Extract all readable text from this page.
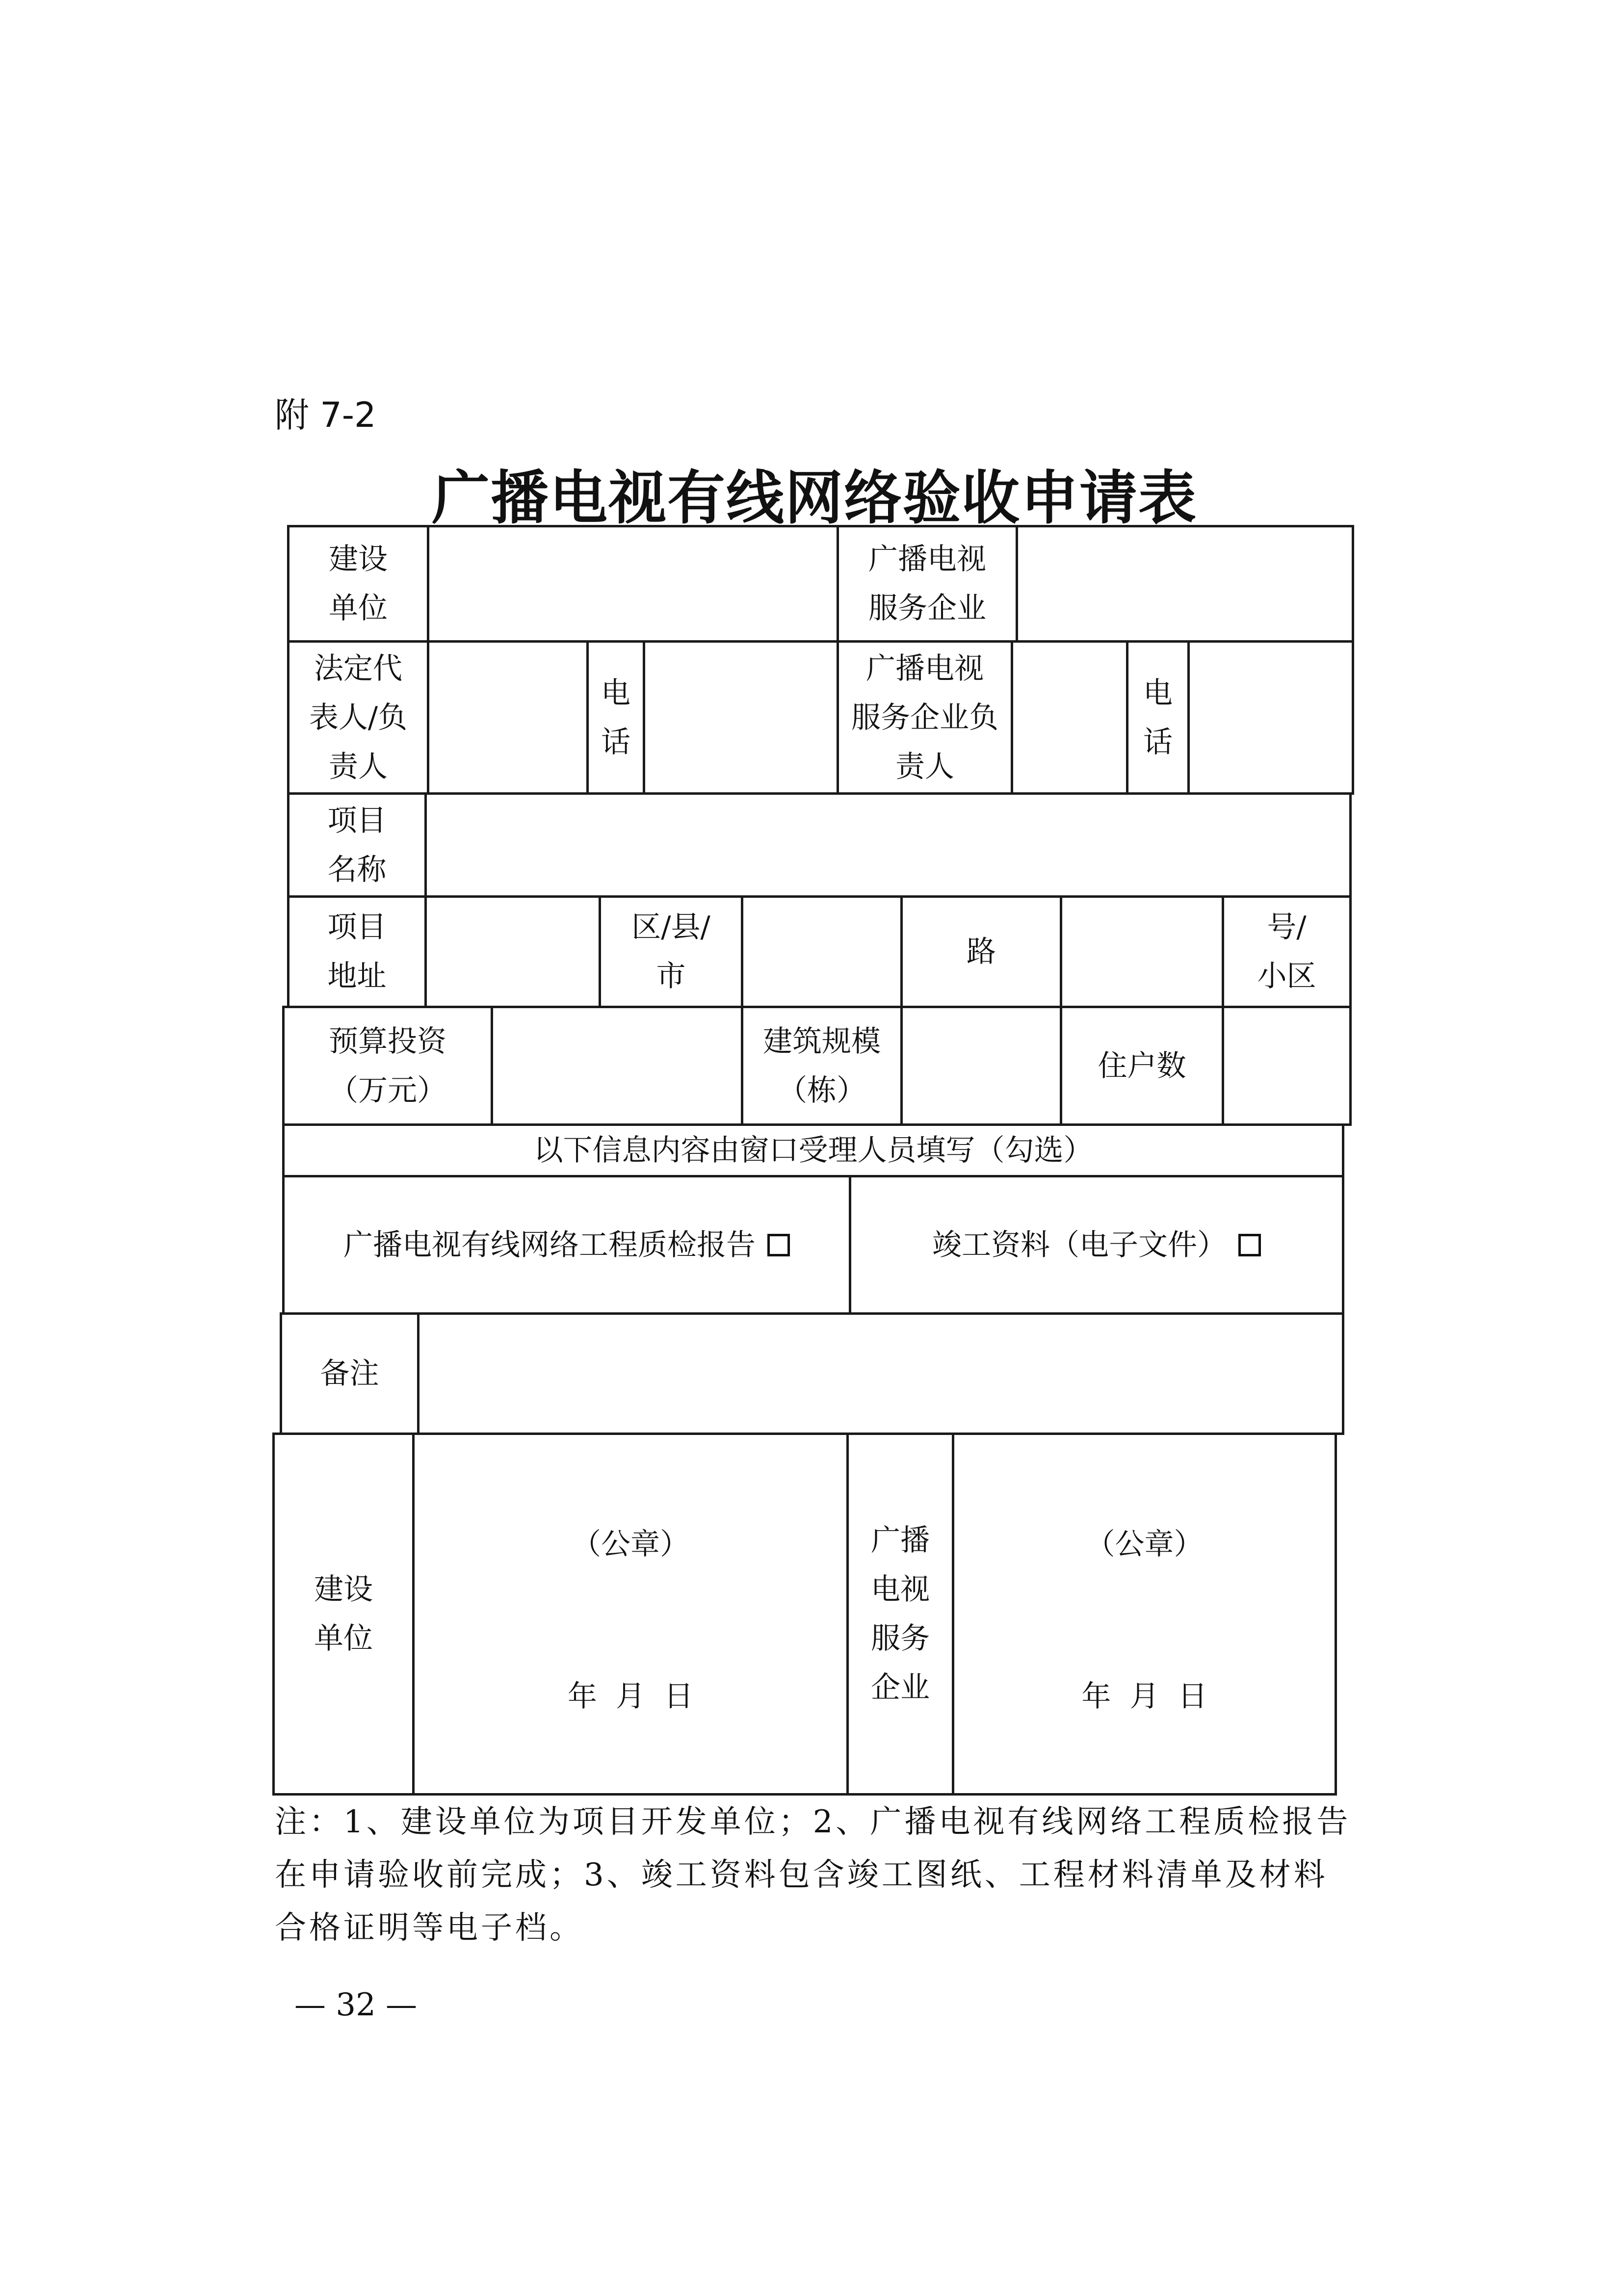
附 7-2
广播电视有线网络验收申请表
建设
单位
广播电视
服务企业
法定代
表人/负
责人
电
话
广播电视
服务企业负
责人
电
话
项目
名称
项目
地址
区/县/
市
路
号/
小区
预算投资
（万元）
建筑规模
（栋）
住户数
以下信息内容由窗口受理人员填写（勾选）
广播电视有线网络工程质检报告	竣工资料（电子文件）
备注
建设
单位
（公章）
年  月  日
广播
电视
服务
企业
（公章）
年  月  日
注：1、建设单位为项目开发单位；2、广播电视有线网络工程质检报告在申请验收前完成；3、竣工资料包含竣工图纸、工程材料清单及材料合格证明等电子档。
— 32 —
